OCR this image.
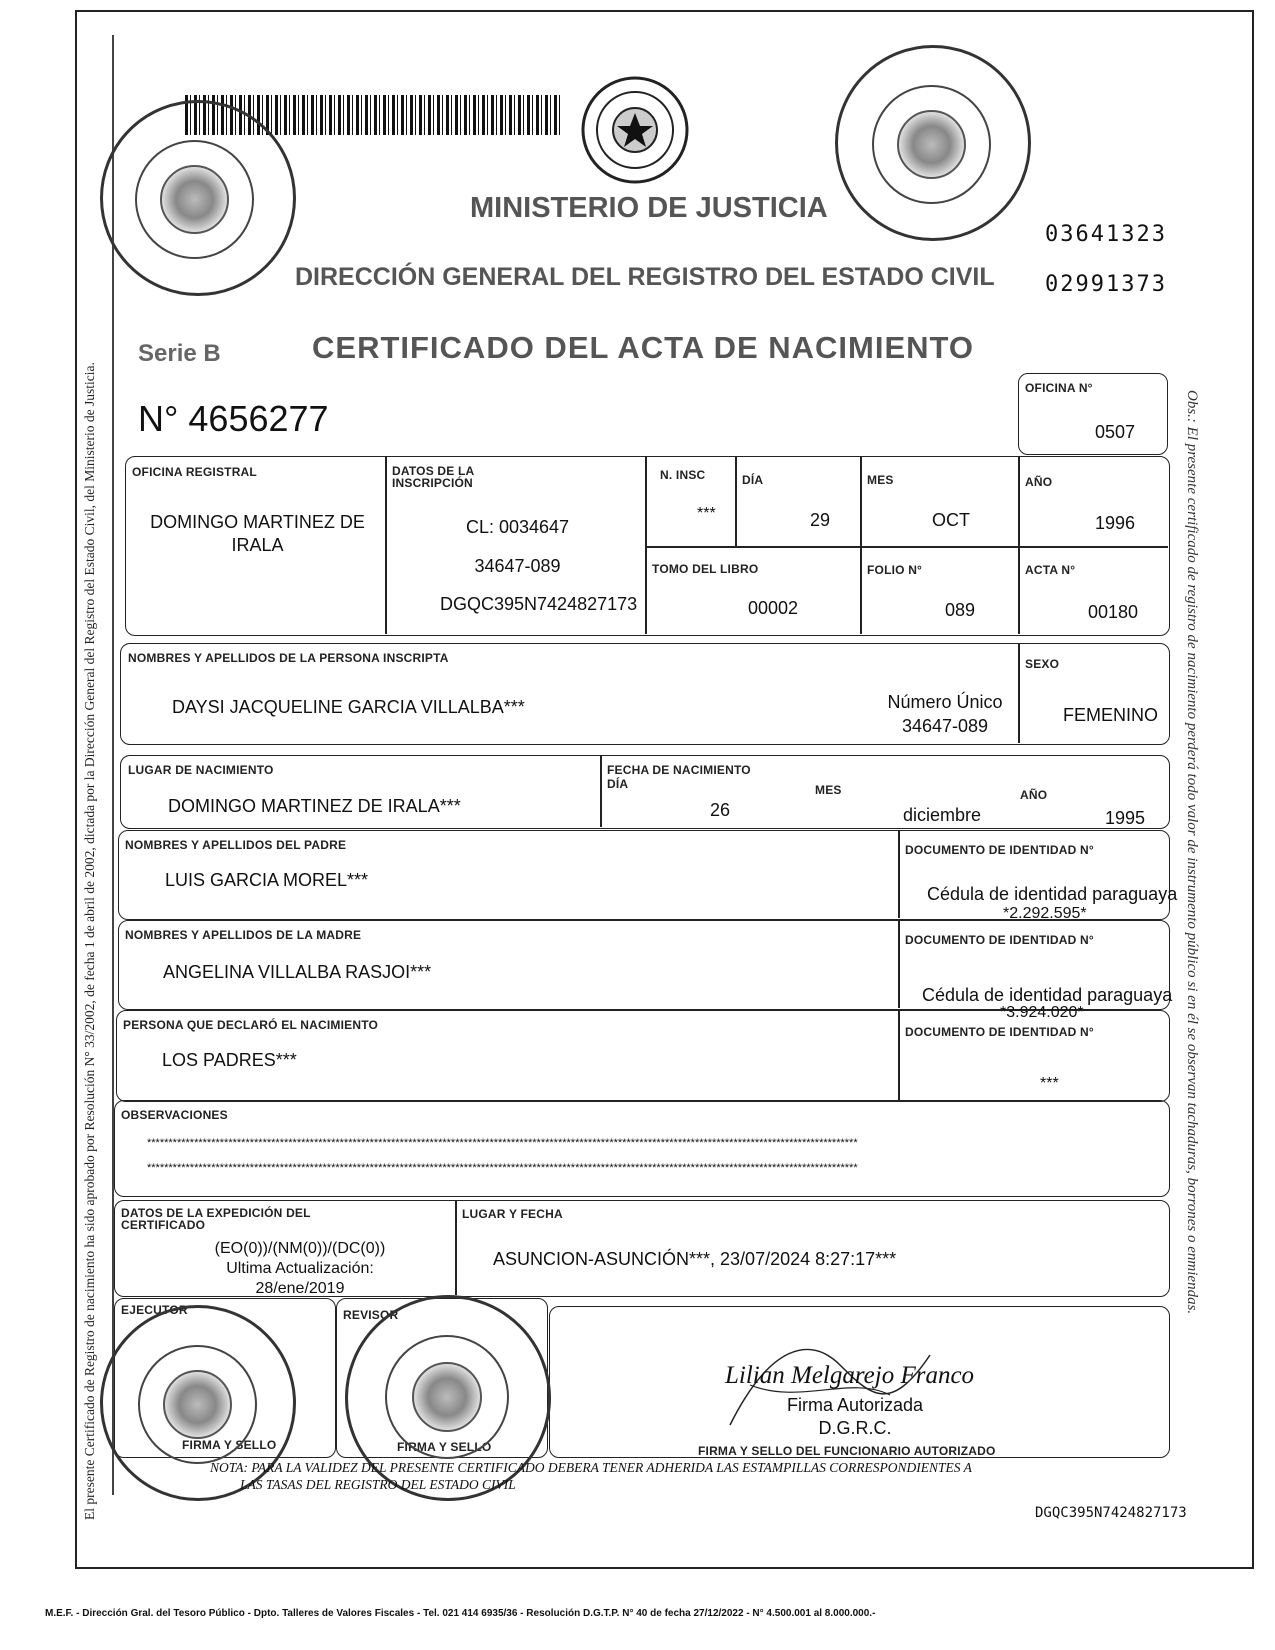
MINISTERIO DE JUSTICIA
DIRECCIÓN GENERAL DEL REGISTRO DEL ESTADO CIVIL
03641323
02991373
Serie B	CERTIFICADO DEL ACTA DE NACIMIENTO
N° 4656277
OFICINA N°
0507
OFICINA REGISTRAL
DOMINGO MARTINEZ DE
IRALA
DATOS DE LA INSCRIPCIÓN
CL: 0034647
34647-089
DGQC395N7424827173
N. INSC
***
DÍA
29
MES
OCT
AÑO
1996
TOMO DEL LIBRO
00002
FOLIO N°
089
ACTA N°
00180
NOMBRES Y APELLIDOS DE LA PERSONA INSCRIPTA
DAYSI JACQUELINE GARCIA VILLALBA***	Número Único
34647-089
SEXO
FEMENINO
LUGAR DE NACIMIENTO
DOMINGO MARTINEZ DE IRALA***
FECHA DE NACIMIENTO
DÍA
26
MES
diciembre
AÑO
1995
NOMBRES Y APELLIDOS DEL PADRE
LUIS GARCIA MOREL***
DOCUMENTO DE IDENTIDAD N°
Cédula de identidad paraguaya
*2.292.595*
NOMBRES Y APELLIDOS DE LA MADRE
ANGELINA VILLALBA RASJOI***
DOCUMENTO DE IDENTIDAD N°
Cédula de identidad paraguaya
*3.924.020*
PERSONA QUE DECLARÓ EL NACIMIENTO
LOS PADRES***
DOCUMENTO DE IDENTIDAD N°
***
OBSERVACIONES
**********************************************************************************************************************************************************************
**********************************************************************************************************************************************************************
DATOS DE LA EXPEDICIÓN DEL CERTIFICADO
(EO(0))/(NM(0))/(DC(0))
Ultima Actualización:
28/ene/2019
LUGAR Y FECHA
ASUNCION-ASUNCIÓN***, 23/07/2024 8:27:17***
EJECUTOR	REVISOR
FIRMA Y SELLO	FIRMA Y SELLO
Lilian Melgarejo Franco
Firma Autorizada
D.G.R.C.
FIRMA Y SELLO DEL FUNCIONARIO AUTORIZADO
NOTA: PARA LA VALIDEZ DEL PRESENTE CERTIFICADO DEBERA TENER ADHERIDA LAS ESTAMPILLAS CORRESPONDIENTES A
LAS TASAS DEL REGISTRO DEL ESTADO CIVIL
DGQC395N7424827173
M.E.F. - Dirección Gral. del Tesoro Público - Dpto. Talleres de Valores Fiscales - Tel. 021 414 6935/36 - Resolución D.G.T.P. N° 40 de fecha 27/12/2022 - N° 4.500.001 al 8.000.000.-
El presente Certificado de Registro de nacimiento ha sido aprobado por Resolución N° 33/2002, de fecha 1 de abril de 2002, dictada por la Dirección General del Registro del Estado Civil, del Ministerio de Justicia.	Obs.: El presente certificado de registro de nacimiento perderá todo valor de instrumento público si en él se observan tachaduras, borrones o enmiendas.
